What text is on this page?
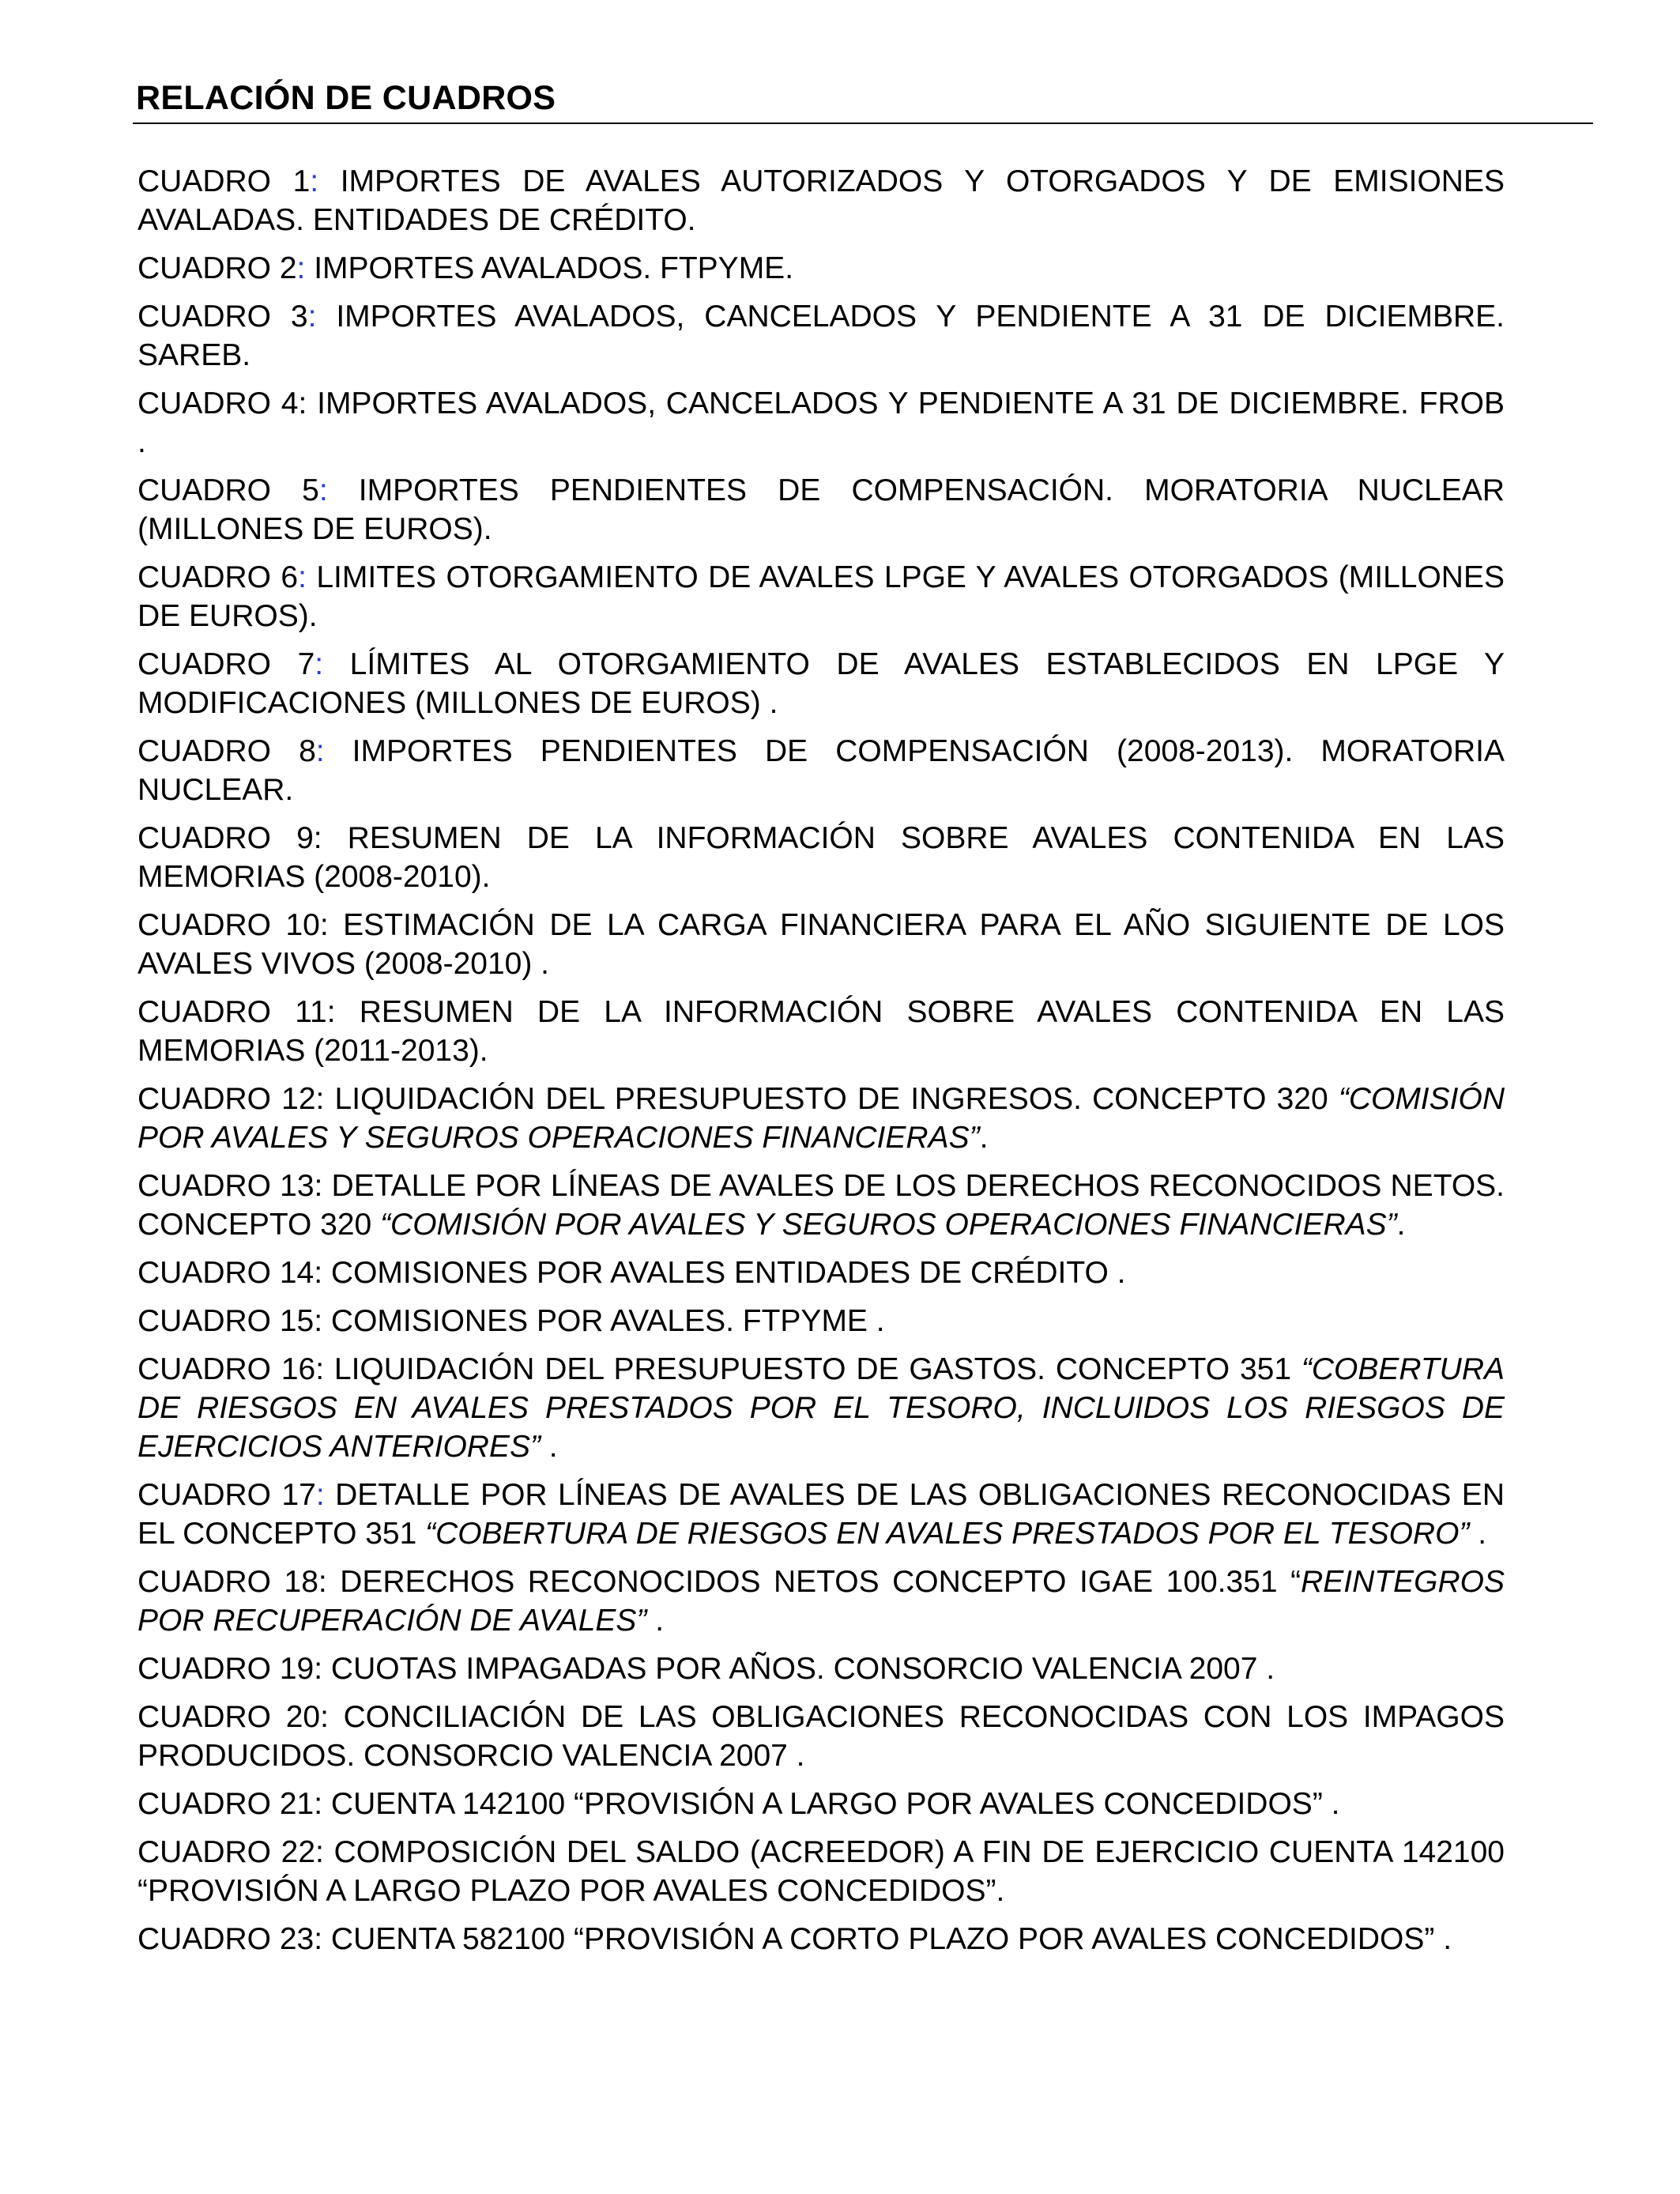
RELACIÓN DE CUADROS
CUADRO 1: IMPORTES DE AVALES AUTORIZADOS Y OTORGADOS Y DE EMISIONES AVALADAS. ENTIDADES DE CRÉDITO.
CUADRO 2: IMPORTES AVALADOS. FTPYME.
CUADRO 3: IMPORTES AVALADOS, CANCELADOS Y PENDIENTE A 31 DE DICIEMBRE. SAREB.
CUADRO 4: IMPORTES AVALADOS, CANCELADOS Y PENDIENTE A 31 DE DICIEMBRE. FROB .
CUADRO 5: IMPORTES PENDIENTES DE COMPENSACIÓN. MORATORIA NUCLEAR (MILLONES DE EUROS).
CUADRO 6: LIMITES OTORGAMIENTO DE AVALES LPGE Y AVALES OTORGADOS (MILLONES DE EUROS).
CUADRO 7: LÍMITES AL OTORGAMIENTO DE AVALES ESTABLECIDOS EN LPGE Y MODIFICACIONES (MILLONES DE EUROS) .
CUADRO 8: IMPORTES PENDIENTES DE COMPENSACIÓN (2008-2013). MORATORIA NUCLEAR.
CUADRO 9: RESUMEN DE LA INFORMACIÓN SOBRE AVALES CONTENIDA EN LAS MEMORIAS (2008-2010).
CUADRO 10: ESTIMACIÓN DE LA CARGA FINANCIERA PARA EL AÑO SIGUIENTE DE LOS AVALES VIVOS (2008-2010) .
CUADRO 11: RESUMEN DE LA INFORMACIÓN SOBRE AVALES CONTENIDA EN LAS MEMORIAS (2011-2013).
CUADRO 12: LIQUIDACIÓN DEL PRESUPUESTO DE INGRESOS. CONCEPTO 320 “COMISIÓN POR AVALES Y SEGUROS OPERACIONES FINANCIERAS”.
CUADRO 13: DETALLE POR LÍNEAS DE AVALES DE LOS DERECHOS RECONOCIDOS NETOS. CONCEPTO 320 “COMISIÓN POR AVALES Y SEGUROS OPERACIONES FINANCIERAS”.
CUADRO 14: COMISIONES POR AVALES ENTIDADES DE CRÉDITO .
CUADRO 15: COMISIONES POR AVALES. FTPYME .
CUADRO 16: LIQUIDACIÓN DEL PRESUPUESTO DE GASTOS. CONCEPTO 351 “COBERTURA DE RIESGOS EN AVALES PRESTADOS POR EL TESORO, INCLUIDOS LOS RIESGOS DE EJERCICIOS ANTERIORES” .
CUADRO 17: DETALLE POR LÍNEAS DE AVALES DE LAS OBLIGACIONES RECONOCIDAS EN EL CONCEPTO 351 “COBERTURA DE RIESGOS EN AVALES PRESTADOS POR EL TESORO” .
CUADRO 18: DERECHOS RECONOCIDOS NETOS CONCEPTO IGAE 100.351 “REINTEGROS POR RECUPERACIÓN DE AVALES” .
CUADRO 19: CUOTAS IMPAGADAS POR AÑOS. CONSORCIO VALENCIA 2007 .
CUADRO 20: CONCILIACIÓN DE LAS OBLIGACIONES RECONOCIDAS CON LOS IMPAGOS PRODUCIDOS. CONSORCIO VALENCIA 2007 .
CUADRO 21: CUENTA 142100 “PROVISIÓN A LARGO POR AVALES CONCEDIDOS” .
CUADRO 22: COMPOSICIÓN DEL SALDO (ACREEDOR) A FIN DE EJERCICIO CUENTA 142100 “PROVISIÓN A LARGO PLAZO POR AVALES CONCEDIDOS”.
CUADRO 23: CUENTA 582100 “PROVISIÓN A CORTO PLAZO POR AVALES CONCEDIDOS” .
